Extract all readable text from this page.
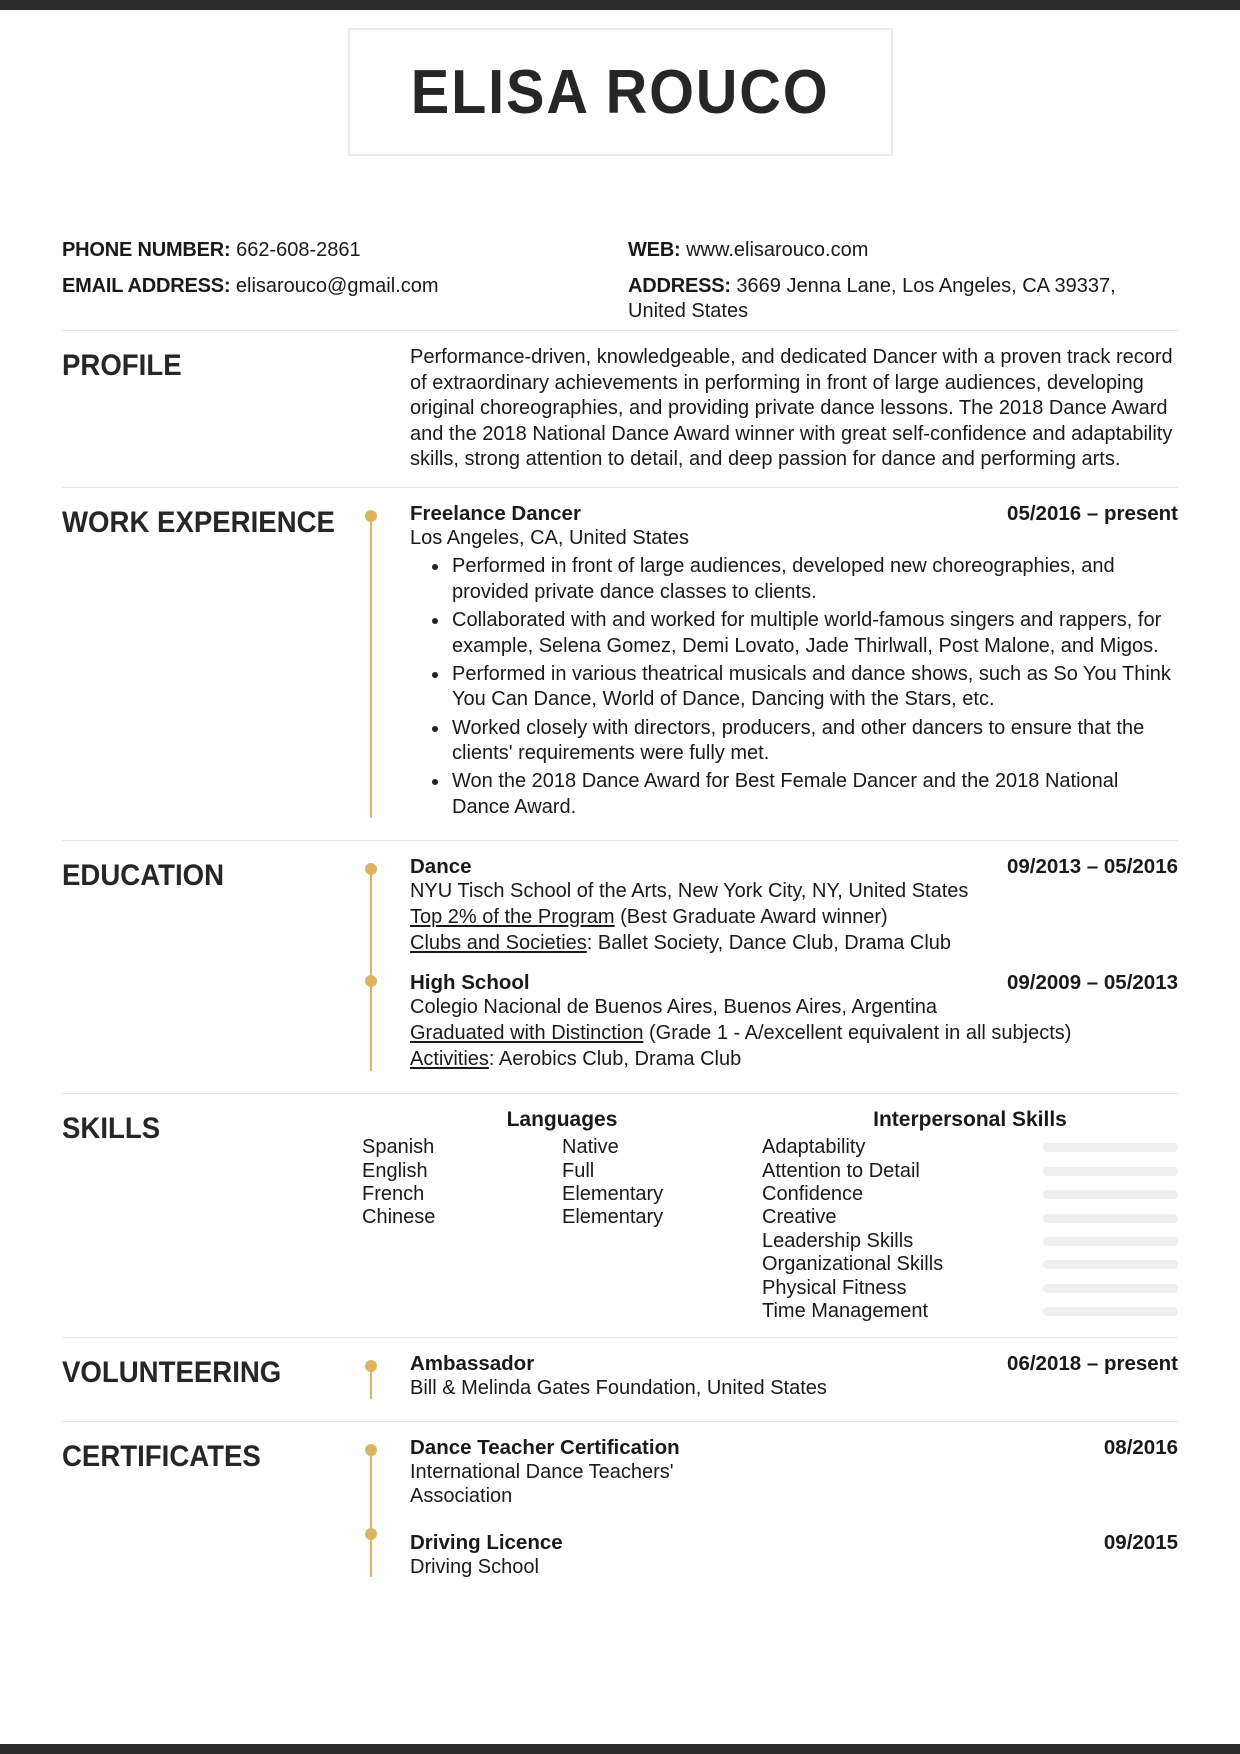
ELISA ROUCO
PHONE NUMBER: 662-608-2861
EMAIL ADDRESS: elisarouco@gmail.com
WEB: www.elisarouco.com
ADDRESS: 3669 Jenna Lane, Los Angeles, CA 39337, United States
PROFILE	Performance-driven, knowledgeable, and dedicated Dancer with a proven track record of extraordinary achievements in performing in front of large audiences, developing original choreographies, and providing private dance lessons. The 2018 Dance Award and the 2018 National Dance Award winner with great self-confidence and adaptability skills, strong attention to detail, and deep passion for dance and performing arts.
WORK EXPERIENCE	Freelance Dancer	05/2016 – present
Los Angeles, CA, United States
Performed in front of large audiences, developed new choreographies, and provided private dance classes to clients.
Collaborated with and worked for multiple world-famous singers and rappers, for example, Selena Gomez, Demi Lovato, Jade Thirlwall, Post Malone, and Migos.
Performed in various theatrical musicals and dance shows, such as So You Think You Can Dance, World of Dance, Dancing with the Stars, etc.
Worked closely with directors, producers, and other dancers to ensure that the clients' requirements were fully met.
Won the 2018 Dance Award for Best Female Dancer and the 2018 National Dance Award.
EDUCATION	Dance	09/2013 – 05/2016
NYU Tisch School of the Arts, New York City, NY, United States
Top 2% of the Program (Best Graduate Award winner)
Clubs and Societies: Ballet Society, Dance Club, Drama Club
High School	09/2009 – 05/2013
Colegio Nacional de Buenos Aires, Buenos Aires, Argentina
Graduated with Distinction (Grade 1 - A/excellent equivalent in all subjects)
Activities: Aerobics Club, Drama Club
SKILLS	Languages
Spanish	Native
English	Full
French	Elementary
Chinese	Elementary
Interpersonal Skills
Adaptability
Attention to Detail
Confidence
Creative
Leadership Skills
Organizational Skills
Physical Fitness
Time Management
VOLUNTEERING	Ambassador	06/2018 – present
Bill & Melinda Gates Foundation, United States
CERTIFICATES	Dance Teacher Certification	08/2016
International Dance Teachers' Association
Driving Licence	09/2015
Driving School
